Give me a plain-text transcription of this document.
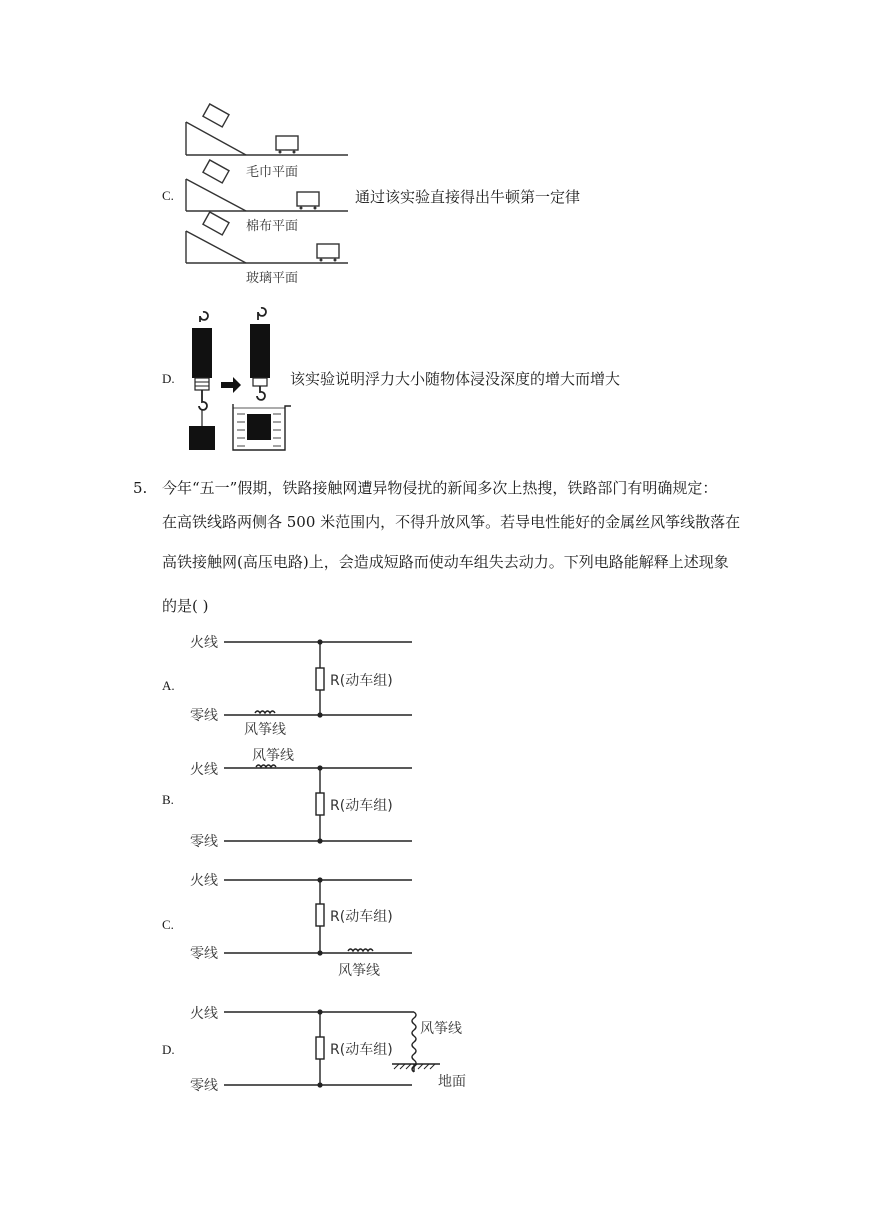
C.
毛巾平面
棉布平面
玻璃平面
通过该实验直接得出牛顿第一定律
D.	该实验说明浮力大小随物体浸没深度的增大而增大
5. 今年“五一”假期，铁路接触网遭异物侵扰的新闻多次上热搜，铁路部门有明确规定：
在高铁线路两侧各 500 米范围内，不得升放风筝。若导电性能好的金属丝风筝线散落在
高铁接触网(高压电路)上，会造成短路而使动车组失去动力。下列电路能解释上述现象
的是( )
A.
火线
零线
R(动车组)
风筝线
B.
风筝线
火线
零线
R(动车组)
C.
火线
零线
R(动车组)
风筝线
D.
火线
零线
R(动车组)
风筝线
地面
